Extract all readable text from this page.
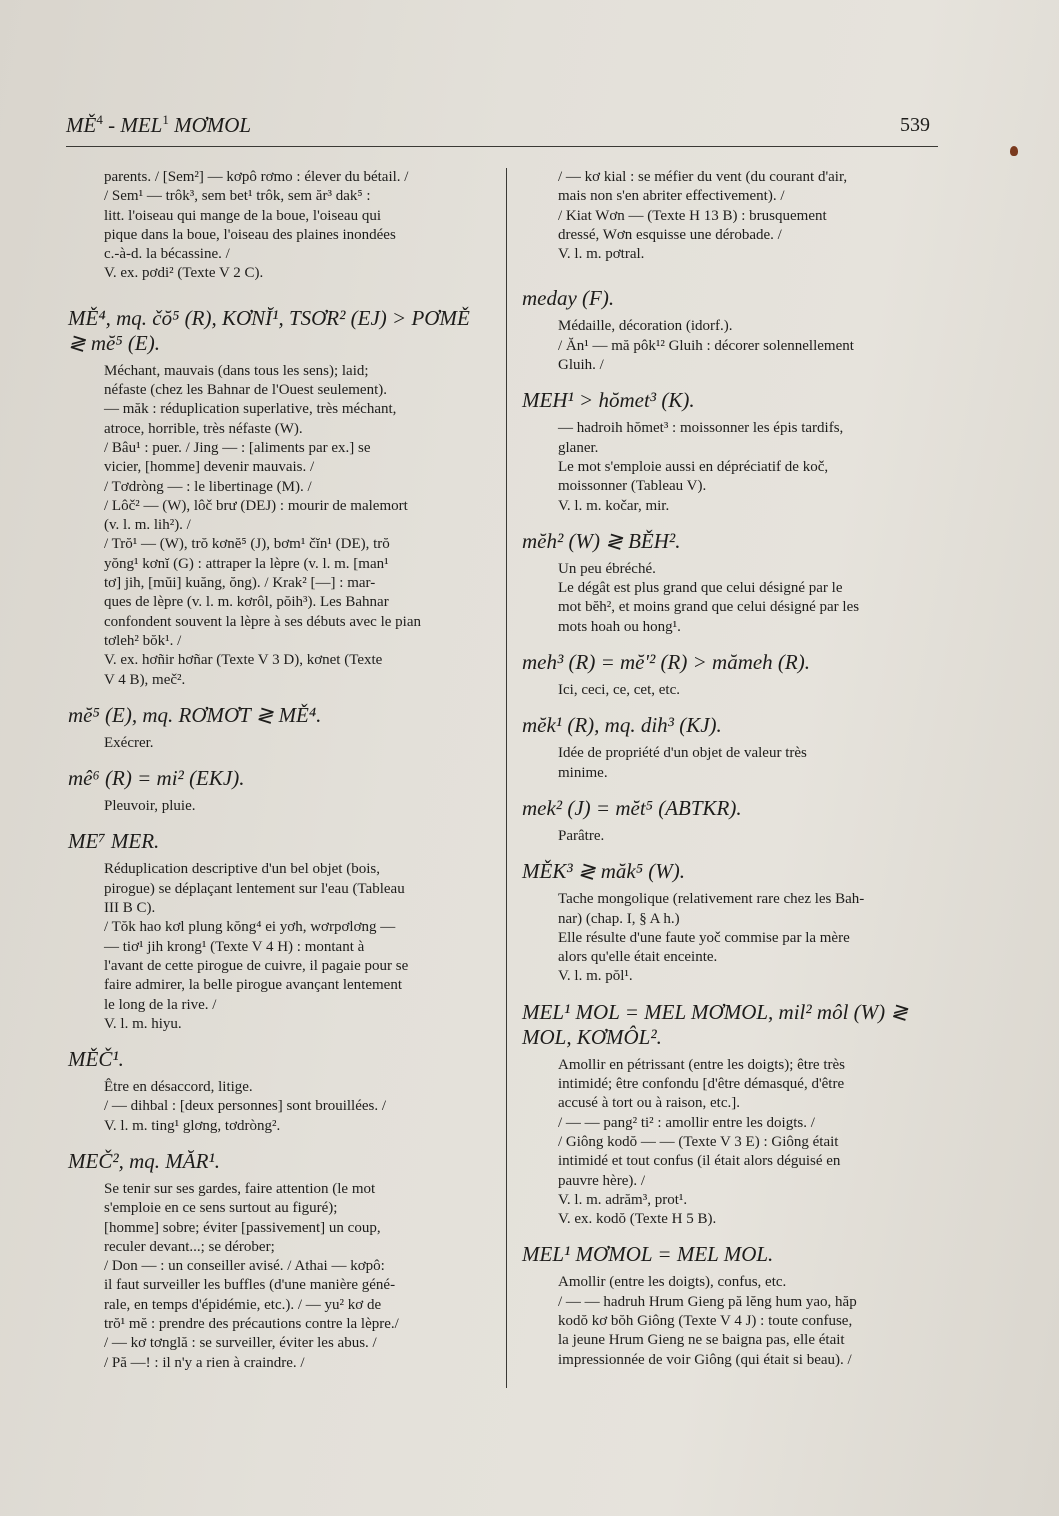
$MĚ^4 - MEL^1$ MƠMOL	539
parents. / [Sem²] — kơpô rơmo : élever du bétail. /
/ Sem¹ — trôk³, sem bet¹ trôk, sem ăr³ dak⁵ :
litt. l'oiseau qui mange de la boue, l'oiseau qui
pique dans la boue, l'oiseau des plaines inondées
c.-à-d. la bécassine. /
V. ex. pơdi² (Texte V 2 C).
MĚ⁴, mq. čŏ⁵ (R), KƠNĬ¹, TSƠR² (EJ) > PƠMĚ ≷ mĕ⁵ (E).
Méchant, mauvais (dans tous les sens); laid;
néfaste (chez les Bahnar de l'Ouest seulement).
— măk : réduplication superlative, très méchant,
atroce, horrible, très néfaste (W).
/ Bâu¹ : puer. / Jing — : [aliments par ex.] se
vicier, [homme] devenir mauvais. /
/ Tơdròng — : le libertinage (M). /
/ Lôč² — (W), lôč brư (DEJ) : mourir de malemort
(v. l. m. lih²). /
/ Trŏ¹ — (W), trŏ kơnĕ⁵ (J), bơm¹ čĭn¹ (DE), trŏ
yŏng¹ kơnĭ (G) : attraper la lèpre (v. l. m. [man¹
tơ] jih, [mŭi] kuăng, ŏng). / Krak² [—] : mar-
ques de lèpre (v. l. m. kơrôl, pŏih³). Les Bahnar
confondent souvent la lèpre à ses débuts avec le pian
tơleh² bŏk¹. /
V. ex. hơñir hơñar (Texte V 3 D), kơnet (Texte
V 4 B), meč².
mĕ⁵ (E), mq. RƠMƠT ≷ MĚ⁴.
Exécrer.
mê⁶ (R) = mi² (EKJ).
Pleuvoir, pluie.
ME⁷ MER.
Réduplication descriptive d'un bel objet (bois,
pirogue) se déplaçant lentement sur l'eau (Tableau
III B C).
/ Tŏk hao kơl plung kŏng⁴ ei yơh, wơrpơlơng —
— tiơ¹ jih krong¹ (Texte V 4 H) : montant à
l'avant de cette pirogue de cuivre, il pagaie pour se
faire admirer, la belle pirogue avançant lentement
le long de la rive. /
V. l. m. hiyu.
MĚČ¹.
Être en désaccord, litige.
/ — dihbal : [deux personnes] sont brouillées. /
V. l. m. ting¹ glơng, tơdròng².
MEČ², mq. MĂR¹.
Se tenir sur ses gardes, faire attention (le mot
s'emploie en ce sens surtout au figuré);
[homme] sobre; éviter [passivement] un coup,
reculer devant...; se dérober;
/ Don — : un conseiller avisé. / Athai — kơpô:
il faut surveiller les buffles (d'une manière géné-
rale, en temps d'épidémie, etc.). / — yu² kơ de
trŏ¹ mĕ : prendre des précautions contre la lèpre./
/ — kơ tơnglă : se surveiller, éviter les abus. /
/ Pă —! : il n'y a rien à craindre. /
/ — kơ kial : se méfier du vent (du courant d'air,
mais non s'en abriter effectivement). /
/ Kiat Wơn — (Texte H 13 B) : brusquement
dressé, Wơn esquisse une dérobade. /
V. l. m. pơtral.
meday (F).
Médaille, décoration (idorf.).
/ Ăn¹ — mă pôk¹² Gluih : décorer solennellement
Gluih. /
MEH¹ > hŏmet³ (K).
— hadroih hŏmet³ : moissonner les épis tardifs,
glaner.
Le mot s'emploie aussi en dépréciatif de koč,
moissonner (Tableau V).
V. l. m. kočar, mir.
mĕh² (W) ≷ BĚH².
Un peu ébréché.
Le dégât est plus grand que celui désigné par le
mot bĕh², et moins grand que celui désigné par les
mots hoah ou hong¹.
meh³ (R) = mĕ'² (R) > mămeh (R).
Ici, ceci, ce, cet, etc.
mĕk¹ (R), mq. dih³ (KJ).
Idée de propriété d'un objet de valeur très
minime.
mek² (J) = mĕt⁵ (ABTKR).
Parâtre.
MĚK³ ≷ măk⁵ (W).
Tache mongolique (relativement rare chez les Bah-
nar) (chap. I, § A h.)
Elle résulte d'une faute yoč commise par la mère
alors qu'elle était enceinte.
V. l. m. pŏl¹.
MEL¹ MOL = MEL MƠMOL, mil² môl (W) ≷ MOL, KƠMÔL².
Amollir en pétrissant (entre les doigts); être très
intimidé; être confondu [d'être démasqué, d'être
accusé à tort ou à raison, etc.].
/ — — pang² ti² : amollir entre les doigts. /
/ Giông kodŏ — — (Texte V 3 E) : Giông était
intimidé et tout confus (il était alors déguisé en
pauvre hère). /
V. l. m. adrăm³, prot¹.
V. ex. kodŏ (Texte H 5 B).
MEL¹ MƠMOL = MEL MOL.
Amollir (entre les doigts), confus, etc.
/ — — hadruh Hrum Gieng pă lĕng hum yao, hăp
kodŏ kơ bŏh Giông (Texte V 4 J) : toute confuse,
la jeune Hrum Gieng ne se baigna pas, elle était
impressionnée de voir Giông (qui était si beau). /
